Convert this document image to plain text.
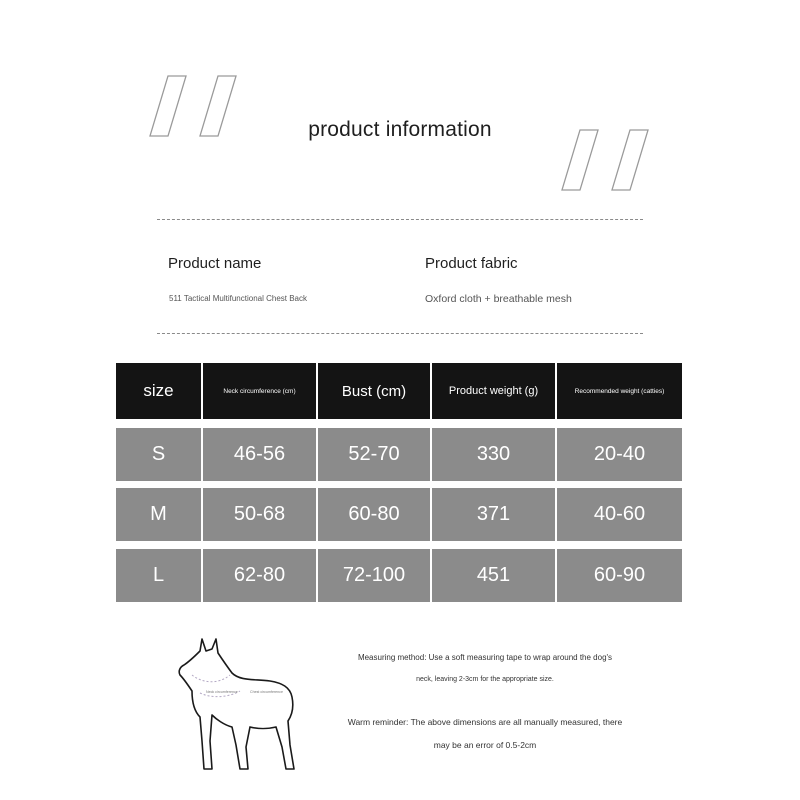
product information
Product name	Product fabric
511 Tactical Multifunctional Chest Back	Oxford cloth + breathable mesh
size	Neck circumference (cm)	Bust (cm)	Product weight (g)	Recommended weight (catties)
S	46-56	52-70	330	20-40
M	50-68	60-80	371	40-60
L	62-80	72-100	451	60-90
Neck circumference	Chest circumference
Measuring method: Use a soft measuring tape to wrap around the dog's
neck, leaving 2-3cm for the appropriate size.
Warm reminder: The above dimensions are all manually measured, there
may be an error of 0.5-2cm
